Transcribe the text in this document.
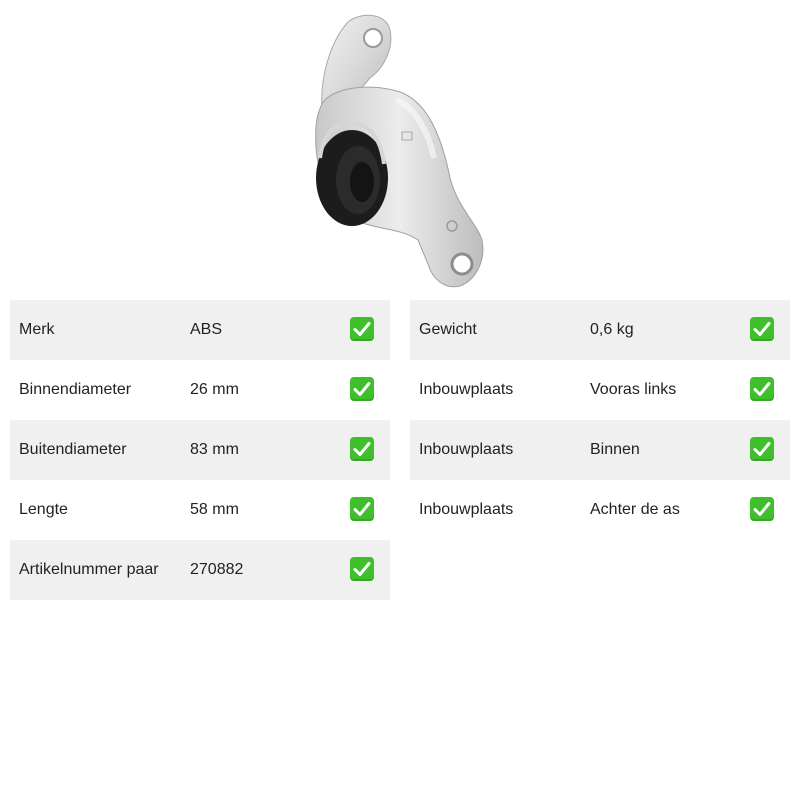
Merk	ABS
Binnendiameter	26 mm
Buitendiameter	83 mm
Lengte	58 mm
Artikelnummer paar 270882
Gewicht	0,6 kg
Inbouwplaats	Vooras links
Inbouwplaats	Binnen
Inbouwplaats	Achter de as
